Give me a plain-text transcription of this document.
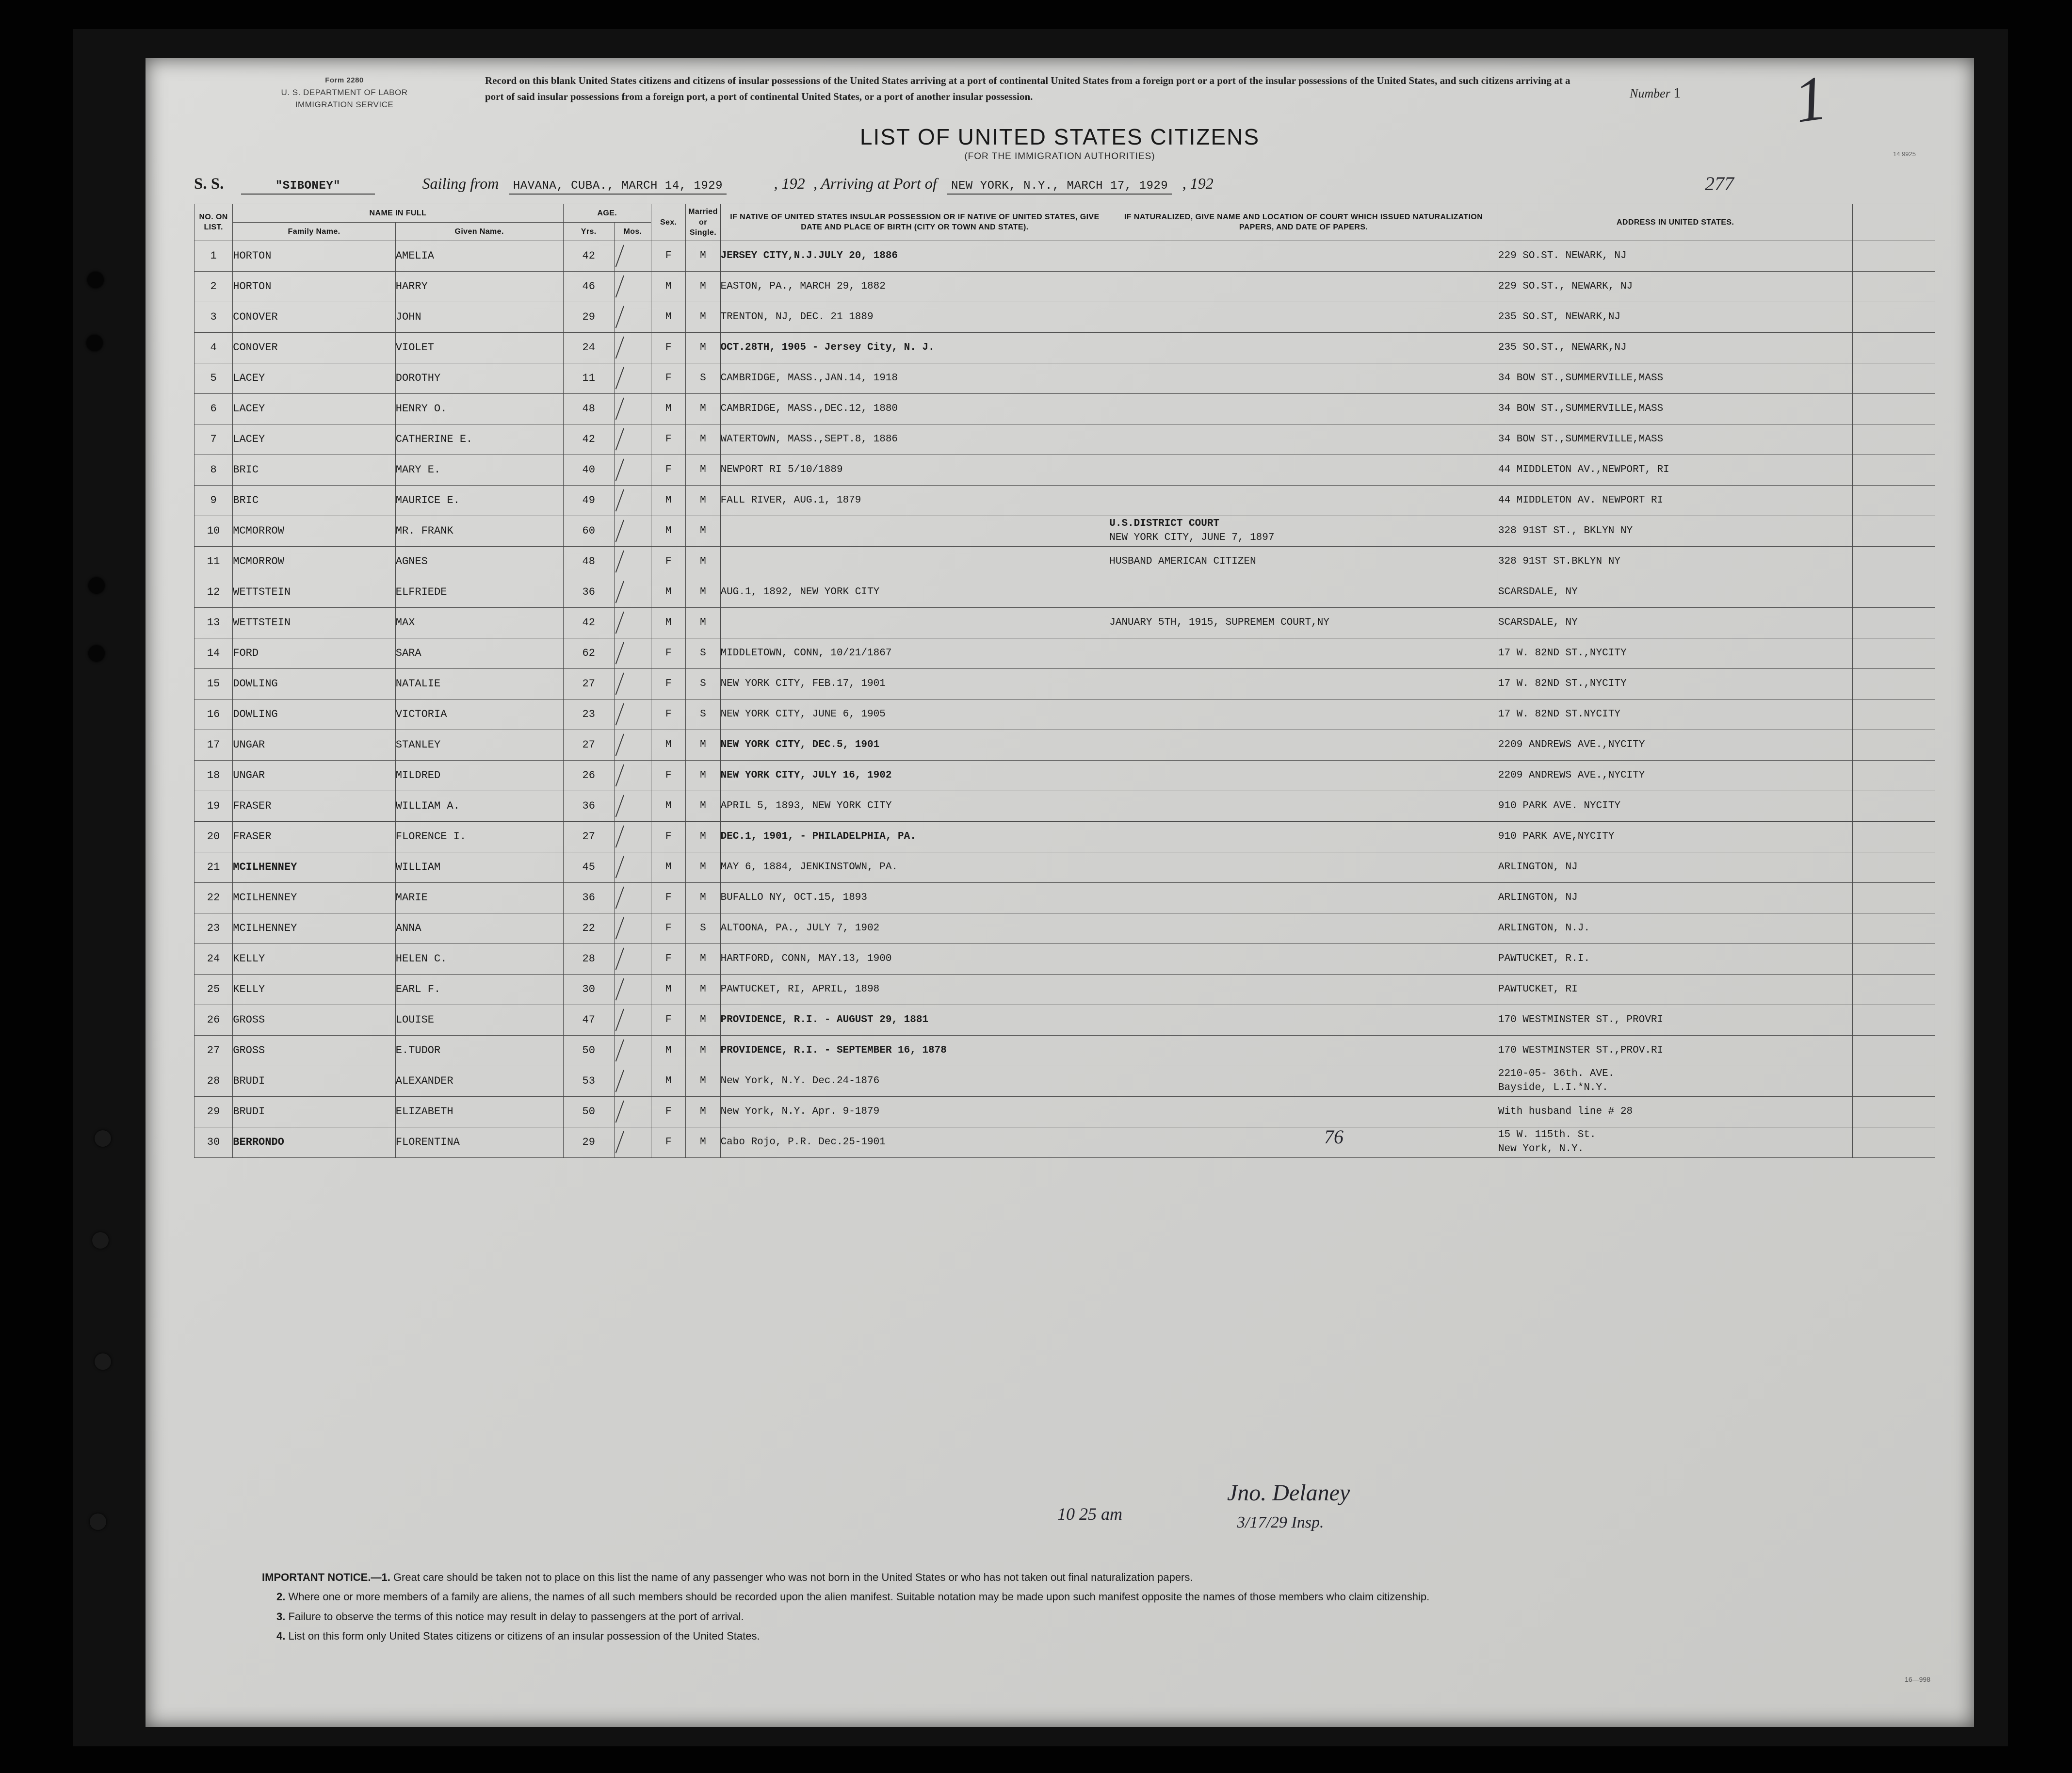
Form 2280
U. S. DEPARTMENT OF LABOR
IMMIGRATION SERVICE
Record on this blank United States citizens and citizens of insular possessions of the United States arriving at a port of continental United States from a foreign port or a port of the insular possessions of the United States, and such citizens arriving at a port of said insular possessions from a foreign port, a port of continental United States, or a port of another insular possession.	Number 1 1
LIST OF UNITED STATES CITIZENS
(FOR THE IMMIGRATION AUTHORITIES)	14 9925
S. S.	"SIBONEY"	Sailing from HAVANA, CUBA., MARCH 14, 1929	, 192 , Arriving at Port of NEW YORK, N.Y., MARCH 17, 1929 , 192	277
NO. ON LIST.	NAME IN FULL		AGE.		Sex.	Married or Single.	IF NATIVE OF UNITED STATES INSULAR POSSESSION OR IF NATIVE OF UNITED STATES, GIVE DATE AND PLACE OF BIRTH (CITY OR TOWN AND STATE).	IF NATURALIZED, GIVE NAME AND LOCATION OF COURT WHICH ISSUED NATURALIZATION PAPERS, AND DATE OF PAPERS.	ADDRESS IN UNITED STATES.	
	Family Name.	Given Name.	Yrs.	Mos.						
1	HORTON	AMELIA	42		F	M	JERSEY CITY,N.J.JULY 20, 1886		229 SO.ST. NEWARK, NJ	
2	HORTON	HARRY	46		M	M	EASTON, PA., MARCH 29, 1882		229 SO.ST., NEWARK, NJ	
3	CONOVER	JOHN	29		M	M	TRENTON, NJ, DEC. 21 1889		235 SO.ST, NEWARK,NJ	
4	CONOVER	VIOLET	24		F	M	OCT.28TH, 1905 - Jersey City, N. J.		235 SO.ST., NEWARK,NJ	
5	LACEY	DOROTHY	11		F	S	CAMBRIDGE, MASS.,JAN.14, 1918		34 BOW ST.,SUMMERVILLE,MASS	
6	LACEY	HENRY O.	48		M	M	CAMBRIDGE, MASS.,DEC.12, 1880		34 BOW ST.,SUMMERVILLE,MASS	
7	LACEY	CATHERINE E.	42		F	M	WATERTOWN, MASS.,SEPT.8, 1886		34 BOW ST.,SUMMERVILLE,MASS	
8	BRIC	MARY E.	40		F	M	NEWPORT RI 5/10/1889		44 MIDDLETON AV.,NEWPORT, RI	
9	BRIC	MAURICE E.	49		M	M	FALL RIVER, AUG.1, 1879		44 MIDDLETON AV. NEWPORT RI	
10	MCMORROW	MR. FRANK	60		M	M		U.S.DISTRICT COURT
NEW YORK CITY, JUNE 7, 1897	328 91ST ST., BKLYN NY	
11	MCMORROW	AGNES	48		F	M		HUSBAND AMERICAN CITIZEN	328 91ST ST.BKLYN NY	
12	WETTSTEIN	ELFRIEDE	36		M	M	AUG.1, 1892, NEW YORK CITY		SCARSDALE, NY	
13	WETTSTEIN	MAX	42		M	M		JANUARY 5TH, 1915, SUPREMEM COURT,NY	SCARSDALE, NY	
14	FORD	SARA	62		F	S	MIDDLETOWN, CONN, 10/21/1867		17 W. 82ND ST.,NYCITY	
15	DOWLING	NATALIE	27		F	S	NEW YORK CITY, FEB.17, 1901		17 W. 82ND ST.,NYCITY	
16	DOWLING	VICTORIA	23		F	S	NEW YORK CITY, JUNE 6, 1905		17 W. 82ND ST.NYCITY	
17	UNGAR	STANLEY	27		M	M	NEW YORK CITY, DEC.5, 1901		2209 ANDREWS AVE.,NYCITY	
18	UNGAR	MILDRED	26		F	M	NEW YORK CITY, JULY 16, 1902		2209 ANDREWS AVE.,NYCITY	
19	FRASER	WILLIAM A.	36		M	M	APRIL 5, 1893, NEW YORK CITY		910 PARK AVE. NYCITY	
20	FRASER	FLORENCE I.	27		F	M	DEC.1, 1901, - PHILADELPHIA, PA.		910 PARK AVE,NYCITY	
21	MCILHENNEY	WILLIAM	45		M	M	MAY 6, 1884, JENKINSTOWN, PA.		ARLINGTON, NJ	
22	MCILHENNEY	MARIE	36		F	M	BUFALLO NY, OCT.15, 1893		ARLINGTON, NJ	
23	MCILHENNEY	ANNA	22		F	S	ALTOONA, PA., JULY 7, 1902		ARLINGTON, N.J.	
24	KELLY	HELEN C.	28		F	M	HARTFORD, CONN, MAY.13, 1900		PAWTUCKET, R.I.	
25	KELLY	EARL F.	30		M	M	PAWTUCKET, RI, APRIL, 1898		PAWTUCKET, RI	
26	GROSS	LOUISE	47		F	M	PROVIDENCE, R.I. - AUGUST 29, 1881		170 WESTMINSTER ST., PROVRI	
27	GROSS	E.TUDOR	50		M	M	PROVIDENCE, R.I. - SEPTEMBER 16, 1878		170 WESTMINSTER ST.,PROV.RI	
28	BRUDI	ALEXANDER	53		M	M	New York, N.Y. Dec.24-1876		2210-05- 36th. AVE.
Bayside, L.I.*N.Y.	

29	BRUDI	ELIZABETH	50		F	M	New York, N.Y. Apr. 9-1879		With husband line # 28	
30	BERRONDO	FLORENTINA	29		F	M	Cabo Rojo, P.R. Dec.25-1901		15 W. 115th. St.
New York, N.Y.	

76
10 25 am
Jno. Delaney
3/17/29 Insp.
IMPORTANT NOTICE.—1. Great care should be taken not to place on this list the name of any passenger who was not born in the United States or who has not taken out final naturalization papers.
2. Where one or more members of a family are aliens, the names of all such members should be recorded upon the alien manifest. Suitable notation may be made upon such manifest opposite the names of those members who claim citizenship.
3. Failure to observe the terms of this notice may result in delay to passengers at the port of arrival.
4. List on this form only United States citizens or citizens of an insular possession of the United States.
16—998
